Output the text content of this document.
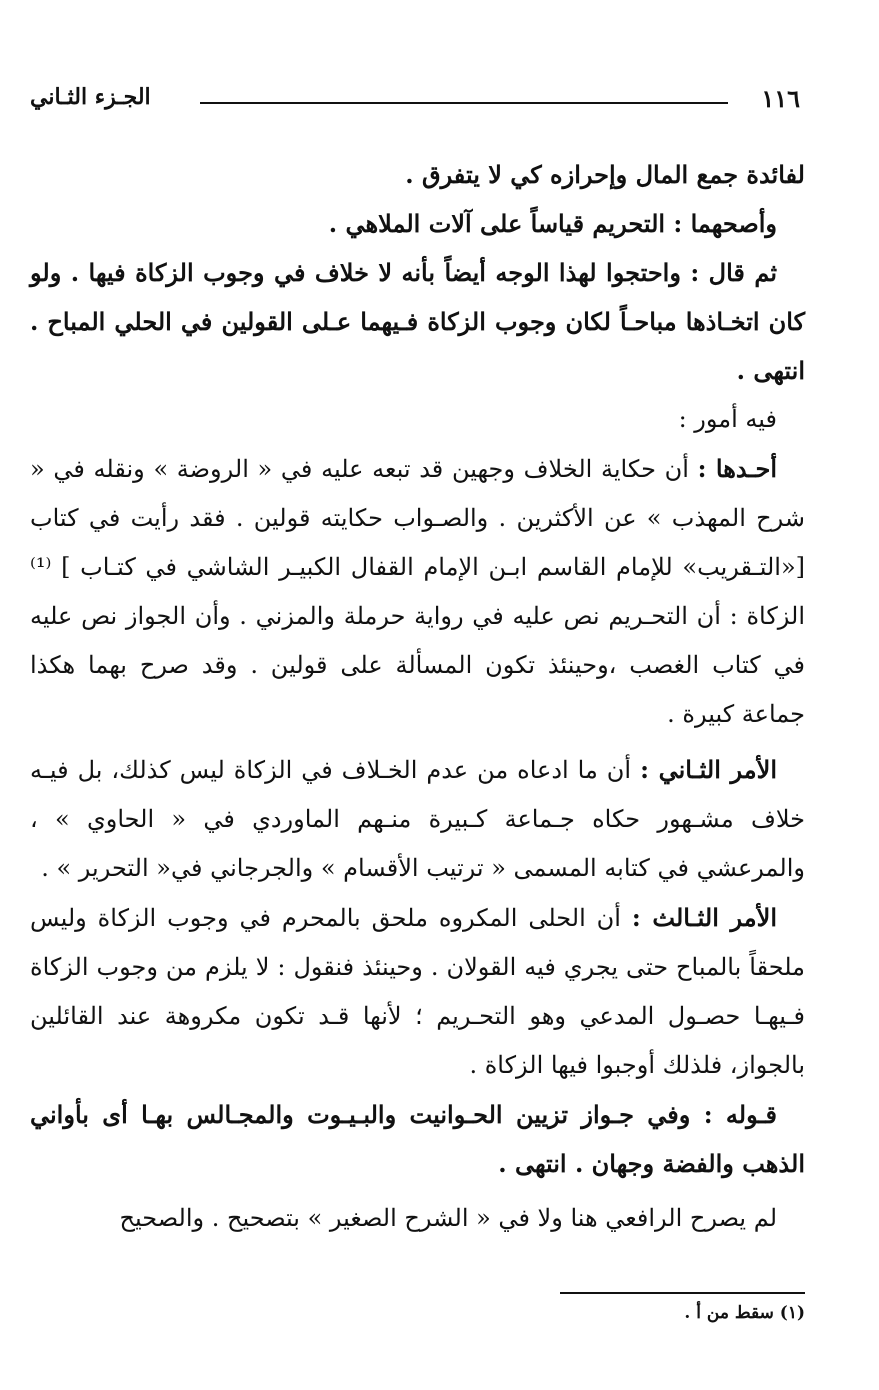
١١٦
الجـزء الثـاني

لفائدة جمع المال وإحرازه كي لا يتفرق .

وأصحهما : التحريم قياساً على آلات الملاهي .

ثم قال : واحتجوا لهذا الوجه أيضاً بأنه لا خلاف في وجوب الزكاة فيها . ولو كان اتخـاذها مباحـاً لكان وجوب الزكاة فـيهما عـلى القولين في الحلي المباح . انتهى .

فيه أمور :

أحـدها : أن حكاية الخلاف وجهين قد تبعه عليه في « الروضة » ونقله في « شرح المهذب » عن الأكثرين . والصـواب حكايته قولين . فقد رأيت في كتاب [«التـقريب» للإمام القاسم ابـن الإمام القفال الكبيـر الشاشي في كتـاب ] ⁽¹⁾الزكاة : أن التحـريم نص عليه في رواية حرملة والمزني . وأن الجواز نص عليه في كتاب الغصب ،وحينئذ تكون المسألة على قولين . وقد صرح بهما هكذا جماعة كبيرة .

الأمر الثـاني : أن ما ادعاه من عدم الخـلاف في الزكاة ليس كذلك، بل فيـه خلاف مشـهور حكاه جـماعة كـبيرة منـهم الماوردي في « الحاوي » ، والمرعشي في كتابه المسمى « ترتيب الأقسام » والجرجاني في« التحرير » .

الأمر الثـالث : أن الحلى المكروه ملحق بالمحرم في وجوب الزكاة وليس ملحقاً بالمباح حتى يجري فيه القولان . وحينئذ فنقول : لا يلزم من وجوب الزكاة فـيهـا حصـول المدعي وهو التحـريم ؛ لأنها قـد تكون مكروهة عند القائلين بالجواز، فلذلك أوجبوا فيها الزكاة .

قـوله : وفي جـواز تزيين الحـوانيت والبـيـوت والمجـالس بهـا أى بأواني الذهب والفضة وجهان . انتهى .

لم يصرح الرافعي هنا ولا في « الشرح الصغير » بتصحيح . والصحيح

(١) سقط من أ .
